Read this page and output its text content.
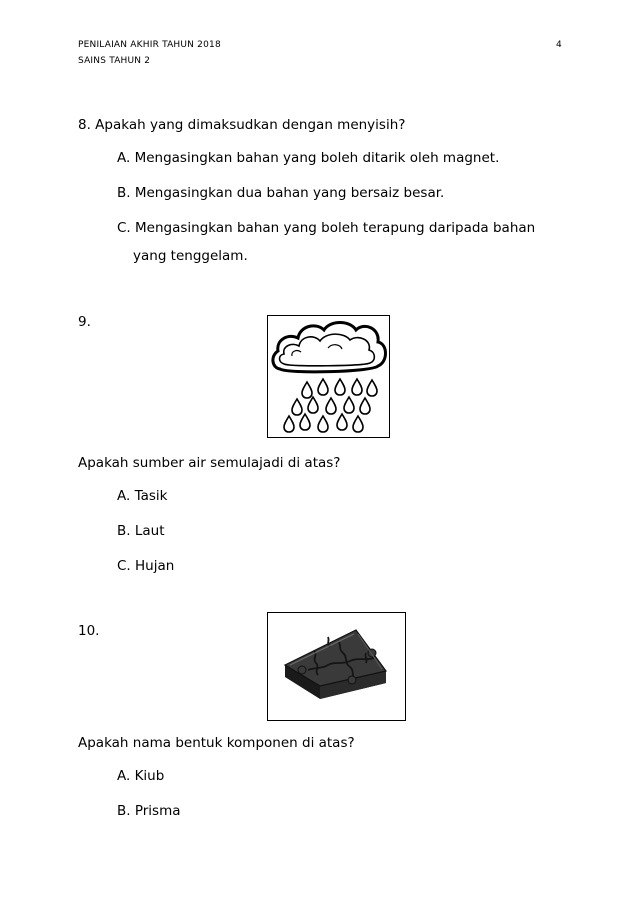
PENILAIAN AKHIR TAHUN 2018
SAINS TAHUN 2
4
8. Apakah yang dimaksudkan dengan menyisih?
A. Mengasingkan bahan yang boleh ditarik oleh magnet.
B. Mengasingkan dua bahan yang bersaiz besar.
C. Mengasingkan bahan yang boleh terapung daripada bahan
yang tenggelam.
9.
Apakah sumber air semulajadi di atas?
A. Tasik
B. Laut
C. Hujan
10.
Apakah nama bentuk komponen di atas?
A. Kiub
B. Prisma
